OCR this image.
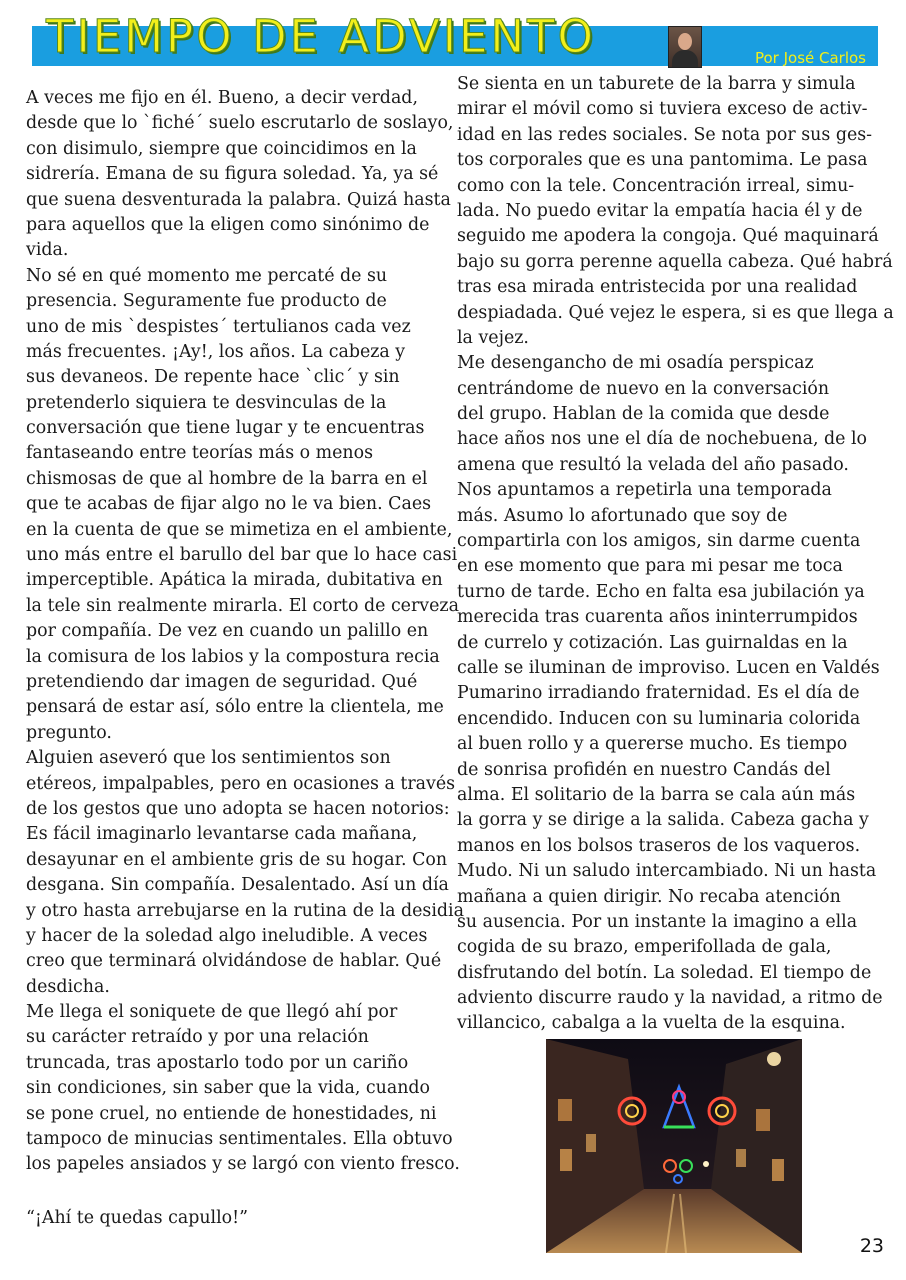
TIEMPO DE ADVIENTO	Por José Carlos
A veces me fijo en él. Bueno, a decir verdad,
desde que lo `fiché´ suelo escrutarlo de soslayo,
con disimulo, siempre que coincidimos en la
sidrería. Emana de su figura soledad. Ya, ya sé
que suena desventurada la palabra. Quizá hasta
para aquellos que la eligen como sinónimo de
vida.
No sé en qué momento me percaté de su
presencia. Seguramente fue producto de
uno de mis `despistes´ tertulianos cada vez
más frecuentes. ¡Ay!, los años. La cabeza y
sus devaneos. De repente hace `clic´ y sin
pretenderlo siquiera te desvinculas de la
conversación que tiene lugar y te encuentras
fantaseando entre teorías más o menos
chismosas de que al hombre de la barra en el
que te acabas de fijar algo no le va bien. Caes
en la cuenta de que se mimetiza en el ambiente,
uno más entre el barullo del bar que lo hace casi
imperceptible. Apática la mirada, dubitativa en
la tele sin realmente mirarla. El corto de cerveza
por compañía. De vez en cuando un palillo en
la comisura de los labios y la compostura recia
pretendiendo dar imagen de seguridad. Qué
pensará de estar así, sólo entre la clientela, me
pregunto.
Alguien aseveró que los sentimientos son
etéreos, impalpables, pero en ocasiones a través
de los gestos que uno adopta se hacen notorios:
Es fácil imaginarlo levantarse cada mañana,
desayunar en el ambiente gris de su hogar. Con
desgana. Sin compañía. Desalentado. Así un día
y otro hasta arrebujarse en la rutina de la desidia
y hacer de la soledad algo ineludible. A veces
creo que terminará olvidándose de hablar. Qué
desdicha.
Me llega el soniquete de que llegó ahí por
su carácter retraído y por una relación
truncada, tras apostarlo todo por un cariño
sin condiciones, sin saber que la vida, cuando
se pone cruel, no entiende de honestidades, ni
tampoco de minucias sentimentales. Ella obtuvo
los papeles ansiados y se largó con viento fresco.
Se sienta en un taburete de la barra y simula
mirar el móvil como si tuviera exceso de activ-
idad en las redes sociales. Se nota por sus ges-
tos corporales que es una pantomima. Le pasa
como con la tele. Concentración irreal, simu-
lada. No puedo evitar la empatía hacia él y de
seguido me apodera la congoja. Qué maquinará
bajo su gorra perenne aquella cabeza. Qué habrá
tras esa mirada entristecida por una realidad
despiadada. Qué vejez le espera, si es que llega a
la vejez.
Me desengancho de mi osadía perspicaz
centrándome de nuevo en la conversación
del grupo. Hablan de la comida que desde
hace años nos une el día de nochebuena, de lo
amena que resultó la velada del año pasado.
Nos apuntamos a repetirla una temporada
más. Asumo lo afortunado que soy de
compartirla con los amigos, sin darme cuenta
en ese momento que para mi pesar me toca
turno de tarde. Echo en falta esa jubilación ya
merecida tras cuarenta años ininterrumpidos
de currelo y cotización. Las guirnaldas en la
calle se iluminan de improviso. Lucen en Valdés
Pumarino irradiando fraternidad. Es el día de
encendido. Inducen con su luminaria colorida
al buen rollo y a quererse mucho. Es tiempo
de sonrisa profidén en nuestro Candás del
alma. El solitario de la barra se cala aún más
la gorra y se dirige a la salida. Cabeza gacha y
manos en los bolsos traseros de los vaqueros.
Mudo. Ni un saludo intercambiado. Ni un hasta
mañana a quien dirigir. No recaba atención
su ausencia. Por un instante la imagino a ella
cogida de su brazo, emperifollada de gala,
disfrutando del botín. La soledad. El tiempo de
adviento discurre raudo y la navidad, a ritmo de
villancico, cabalga a la vuelta de la esquina.
“¡Ahí te quedas capullo!”
23
